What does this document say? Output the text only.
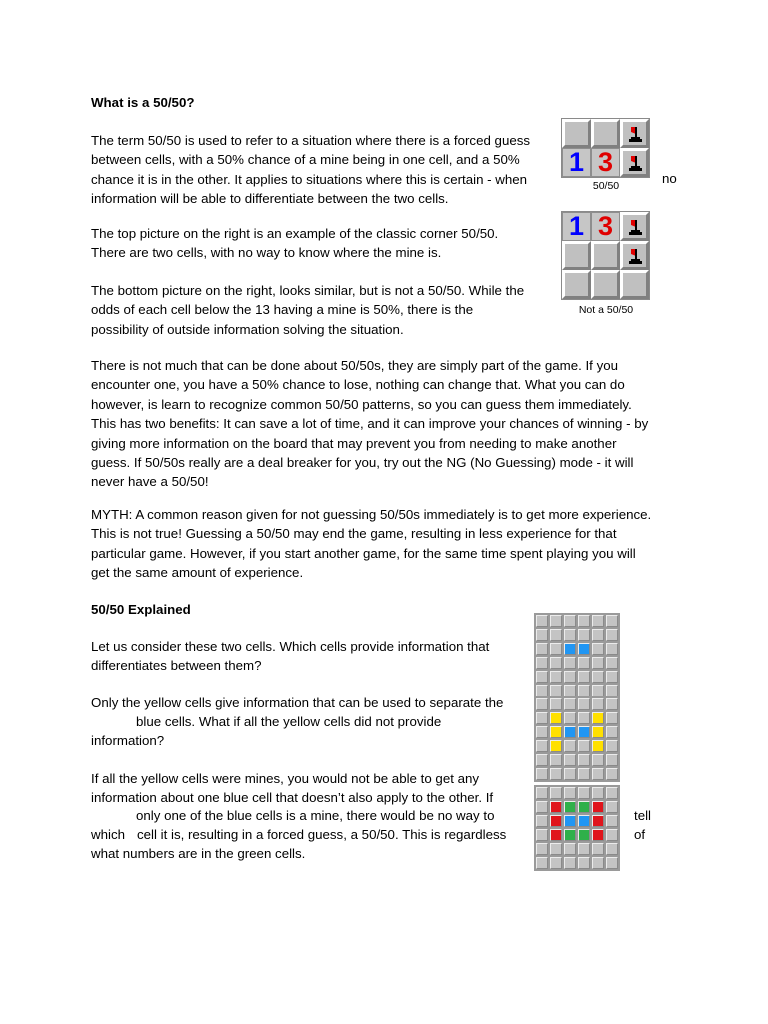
What is a 50/50?
The term 50/50 is used to refer to a situation where there is a forced guess
between cells, with a 50% chance of a mine being in one cell, and a 50%
chance it is in the other. It applies to situations where this is certain - when
information will be able to differentiate between the two cells.
no
The top picture on the right is an example of the classic corner 50/50.
There are two cells, with no way to know where the mine is.
The bottom picture on the right, looks similar, but is not a 50/50. While the
odds of each cell below the 13 having a mine is 50%, there is the
possibility of outside information solving the situation.
There is not much that can be done about 50/50s, they are simply part of the game. If you
encounter one, you have a 50% chance to lose, nothing can change that. What you can do
however, is learn to recognize common 50/50 patterns, so you can guess them immediately.
This has two benefits: It can save a lot of time, and it can improve your chances of winning - by
giving more information on the board that may prevent you from needing to make another
guess. If 50/50s really are a deal breaker for you, try out the NG (No Guessing) mode - it will
never have a 50/50!
MYTH: A common reason given for not guessing 50/50s immediately is to get more experience.
This is not true! Guessing a 50/50 may end the game, resulting in less experience for that
particular game. However, if you start another game, for the same time spent playing you will
get the same amount of experience.
1 3
50/50
1 3
Not a 50/50
50/50 Explained
Let us consider these two cells. Which cells provide information that
differentiates between them?
Only the yellow cells give information that can be used to separate the
blue cells. What if all the yellow cells did not provide
information?
If all the yellow cells were mines, you would not be able to get any
information about one blue cell that doesn’t also apply to the other. If
only one of the blue cells is a mine, there would be no way to	tell
which cell it is, resulting in a forced guess, a 50/50. This is regardless	of
what numbers are in the green cells.
